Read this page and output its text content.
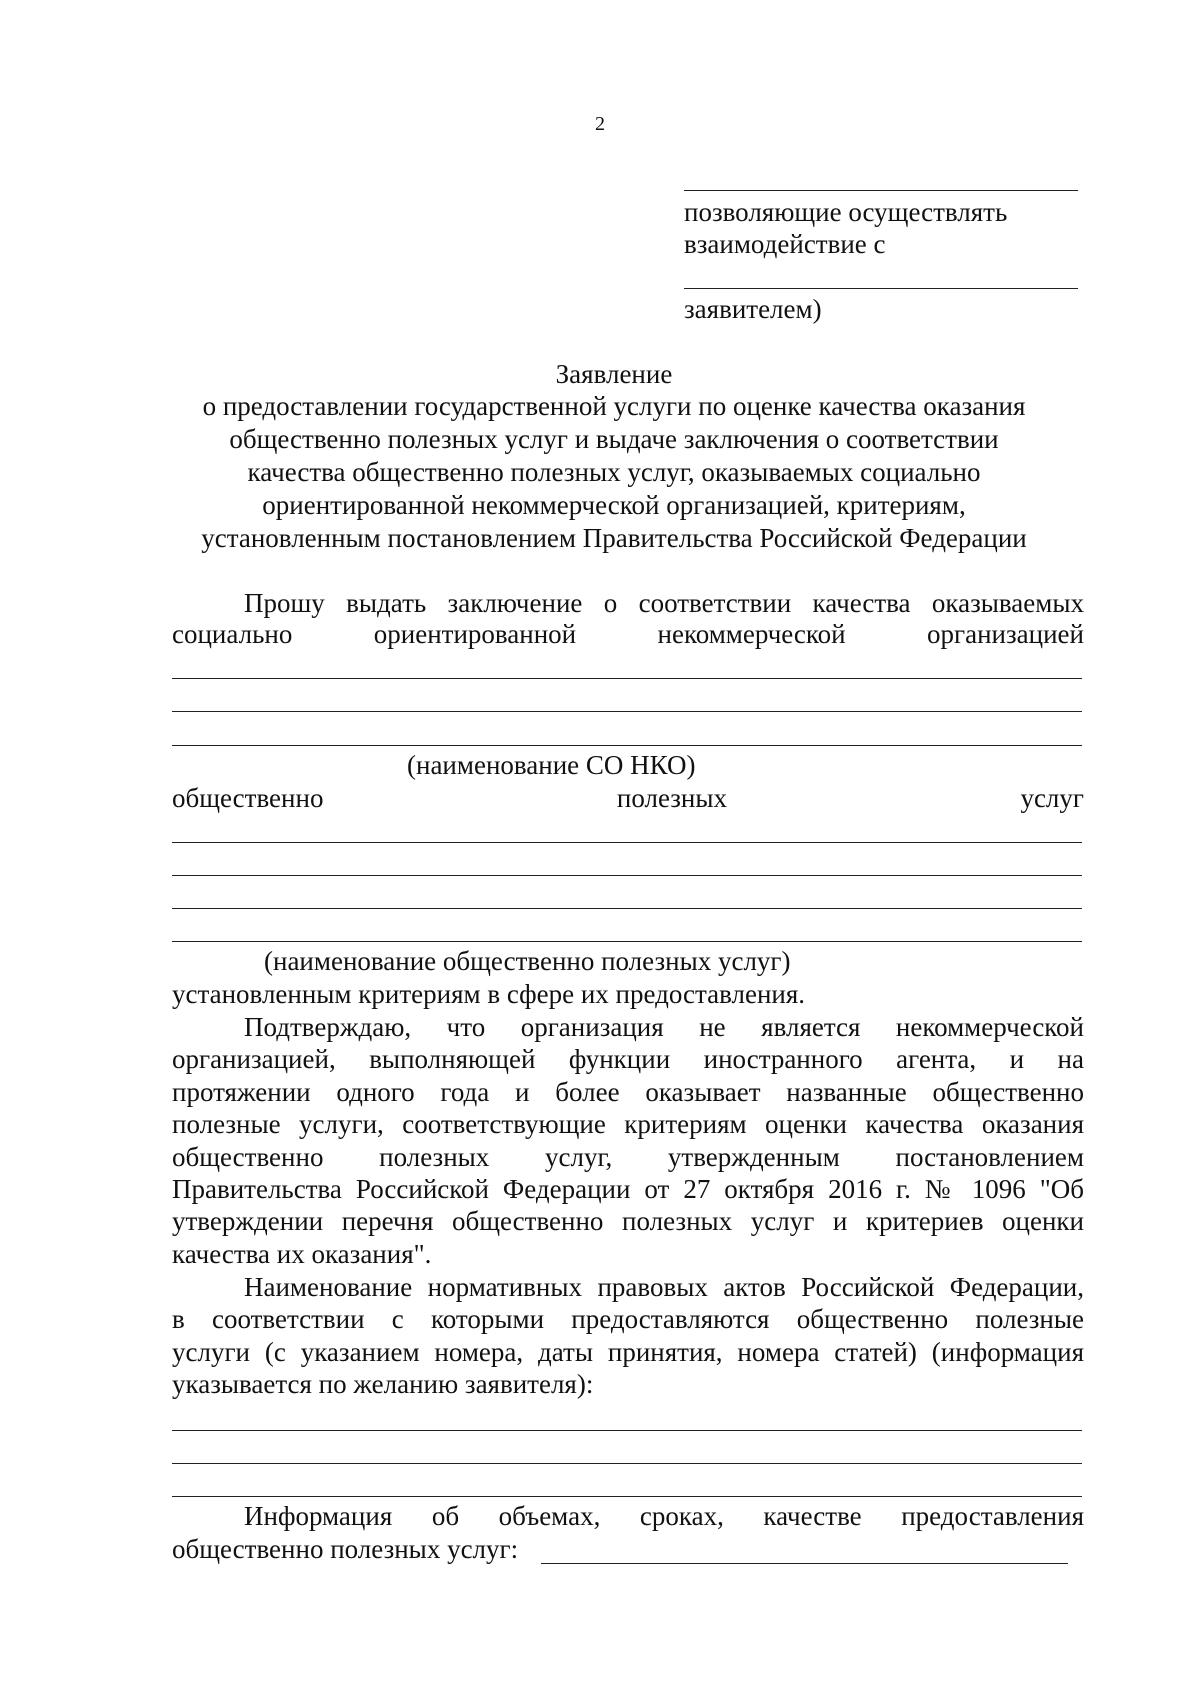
2
позволяющие осуществлять
взаимодействие с
заявителем)
Заявление
о предоставлении государственной услуги по оценке качества оказания
общественно полезных услуг и выдаче заключения о соответствии
качества общественно полезных услуг, оказываемых социально
ориентированной некоммерческой организацией, критериям,
установленным постановлением Правительства Российской Федерации
Прошу выдать заключение о соответствии качества оказываемых
социально	ориентированной	некоммерческой	организацией
(наименование СО НКО)
общественно	полезных	услуг
(наименование общественно полезных услуг)
установленным критериям в сфере их предоставления.
Подтверждаю, что организация не является некоммерческой
организацией, выполняющей функции иностранного агента, и на
протяжении одного года и более оказывает названные общественно
полезные услуги, соответствующие критериям оценки качества оказания
общественно полезных услуг, утвержденным постановлением
Правительства Российской Федерации от 27 октября 2016 г. № 1096 "Об
утверждении перечня общественно полезных услуг и критериев оценки
качества их оказания".
Наименование нормативных правовых актов Российской Федерации,
в соответствии с которыми предоставляются общественно полезные
услуги (с указанием номера, даты принятия, номера статей) (информация
указывается по желанию заявителя):
Информация об объемах, сроках, качестве предоставления
общественно полезных услуг:
